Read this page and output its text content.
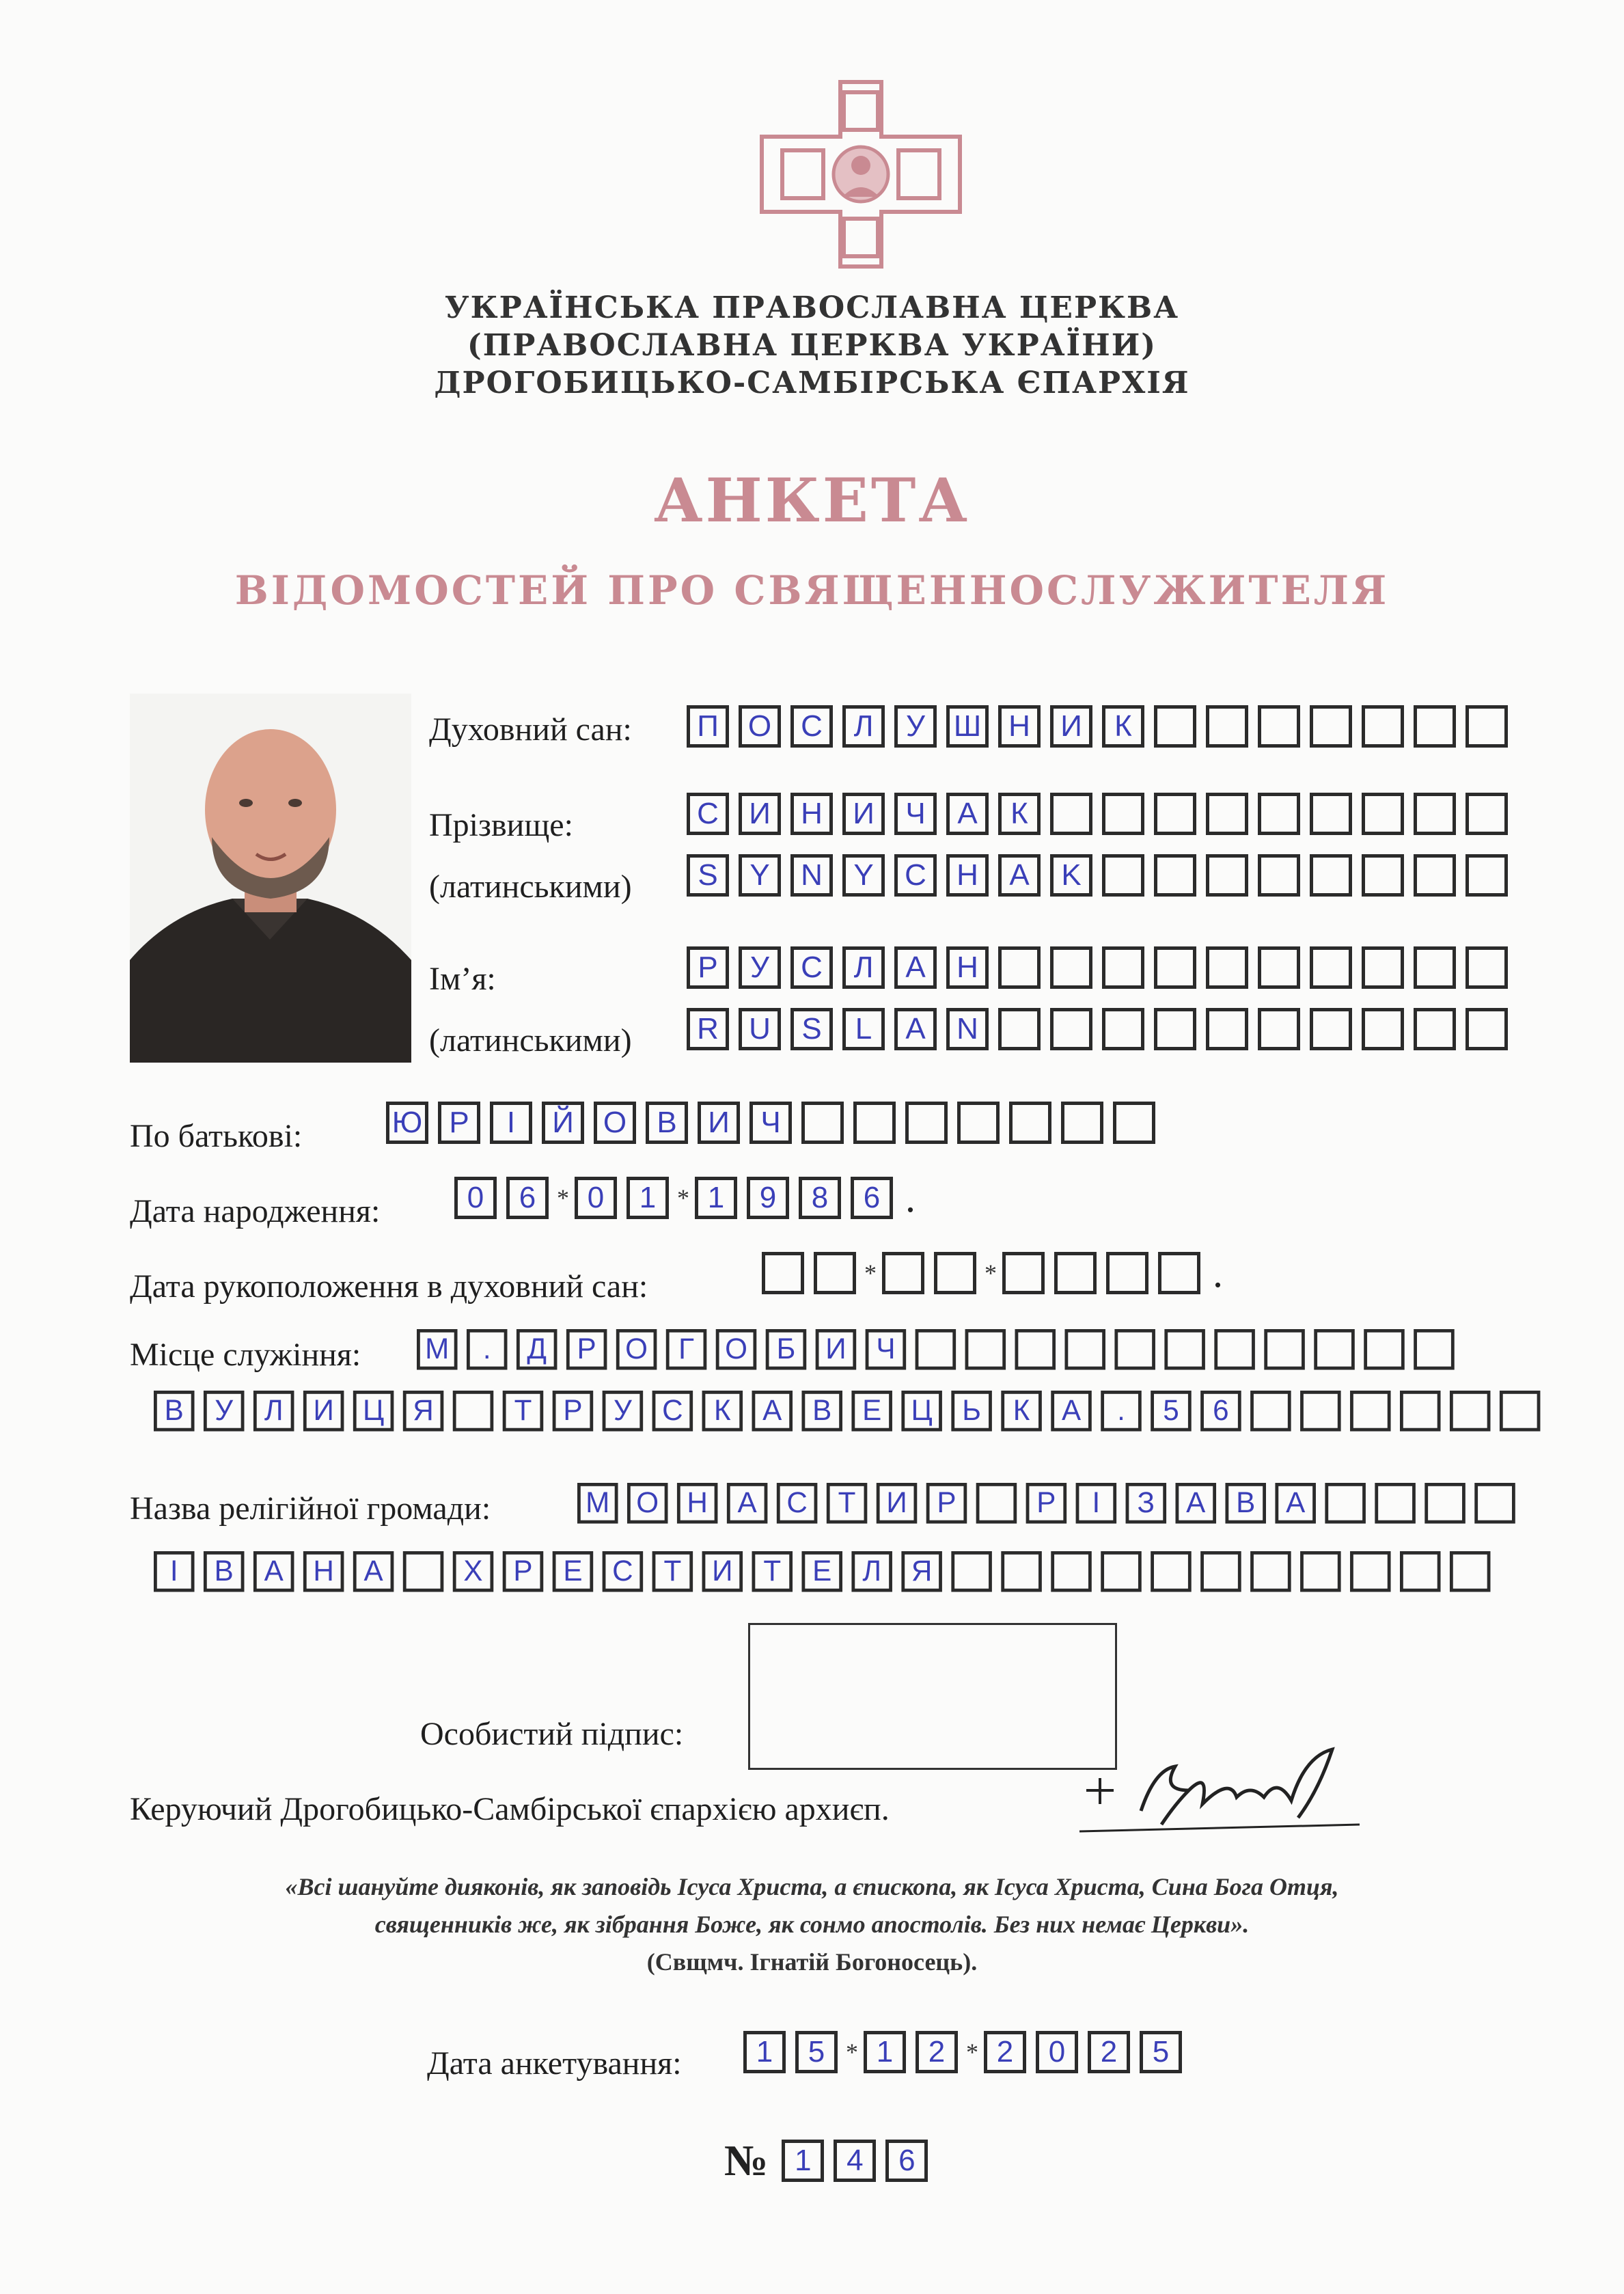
УКРАЇНСЬКА ПРАВОСЛАВНА ЦЕРКВА
(ПРАВОСЛАВНА ЦЕРКВА УКРАЇНИ)
ДРОГОБИЦЬКО-САМБІРСЬКА ЄПАРХІЯ
АНКЕТА
ВІДОМОСТЕЙ ПРО СВЯЩЕННОСЛУЖИТЕЛЯ
Духовний сан:	П О С	Л	У Ш Н	И	К
Прізвище:	С	И	Н	И	Ч	А	К
(латинськими)	S	Y	N	Y	C	H	A	K
Ім’я:	Р	У	С	Л	А	Н
(латинськими)	R	U	S	L	A	N
По батькові:	Ю Р	І	Й О	В	И	Ч
Дата народження:	0	6 * 0	1 * 1	9	8	6 .
Дата рукоположення в духовний сан:	*	*	.
Місце служіння: М	.	Д	Р О	Г	О Б И Ч
В	У	Л И Ц Я	Т	Р	У	С	К	А	В	Е Ц Ь	К	А	.	5	6
Назва релігійної громади:	М О Н А С	Т	И Р	Р	І	З	А	В	А
І	В	А Н А	Х	Р	Е С	Т	И	Т	Е	Л Я
Особистий підпис:
Керуючий Дрогобицько-Самбірської єпархією архиєп.
«Всі шануйте дияконів, як заповідь Ісуса Христа, а єпископа, як Ісуса Христа, Сина Бога Отця,
священників же, як зібрання Боже, як сонмо апостолів. Без них немає Церкви».
(Свщмч. Ігнатій Богоносець).
Дата анкетування:	1	5 * 1	2 * 2	0	2	5
№ 1	4	6
